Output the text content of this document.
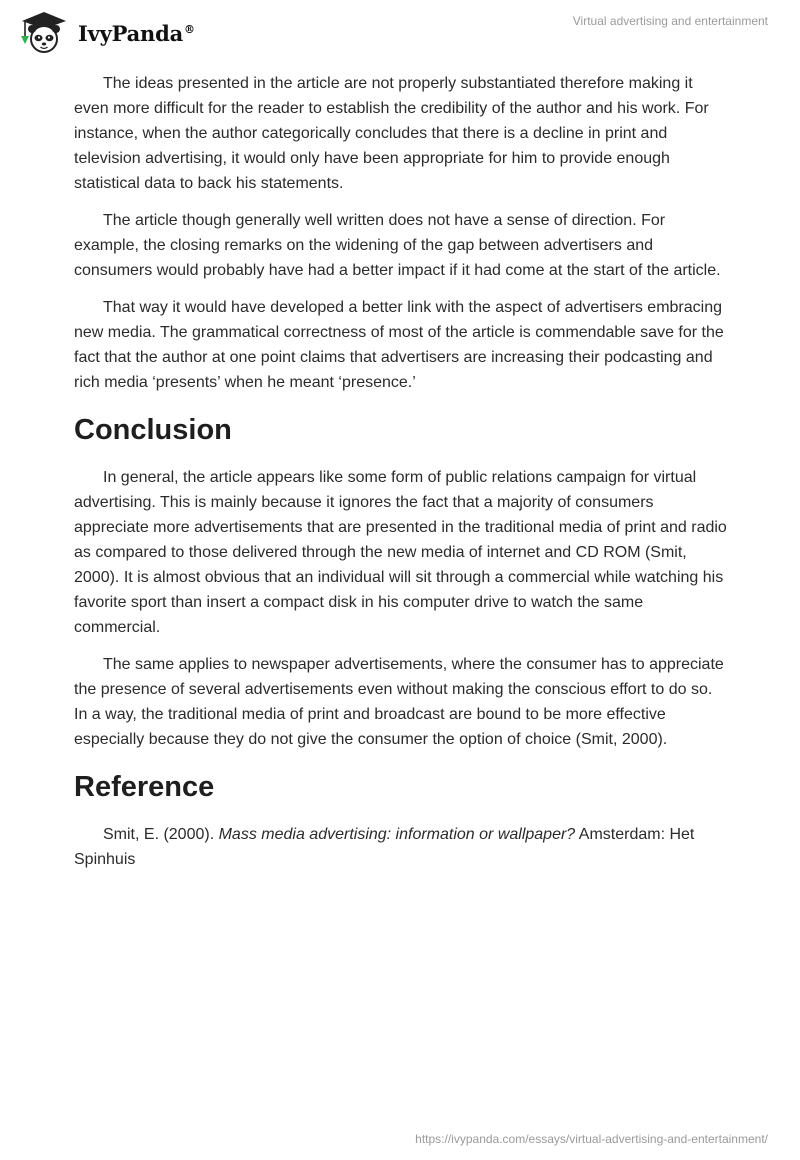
IvyPanda®
Virtual advertising and entertainment

The ideas presented in the article are not properly substantiated therefore making it even more difficult for the reader to establish the credibility of the author and his work. For instance, when the author categorically concludes that there is a decline in print and television advertising, it would only have been appropriate for him to provide enough statistical data to back his statements.

The article though generally well written does not have a sense of direction. For example, the closing remarks on the widening of the gap between advertisers and consumers would probably have had a better impact if it had come at the start of the article.

That way it would have developed a better link with the aspect of advertisers embracing new media. The grammatical correctness of most of the article is commendable save for the fact that the author at one point claims that advertisers are increasing their podcasting and rich media ‘presents’ when he meant ‘presence.’

Conclusion

In general, the article appears like some form of public relations campaign for virtual advertising. This is mainly because it ignores the fact that a majority of consumers appreciate more advertisements that are presented in the traditional media of print and radio as compared to those delivered through the new media of internet and CD ROM (Smit, 2000). It is almost obvious that an individual will sit through a commercial while watching his favorite sport than insert a compact disk in his computer drive to watch the same commercial.

The same applies to newspaper advertisements, where the consumer has to appreciate the presence of several advertisements even without making the conscious effort to do so. In a way, the traditional media of print and broadcast are bound to be more effective especially because they do not give the consumer the option of choice (Smit, 2000).

Reference

Smit, E. (2000). Mass media advertising: information or wallpaper? Amsterdam: Het Spinhuis

https://ivypanda.com/essays/virtual-advertising-and-entertainment/
